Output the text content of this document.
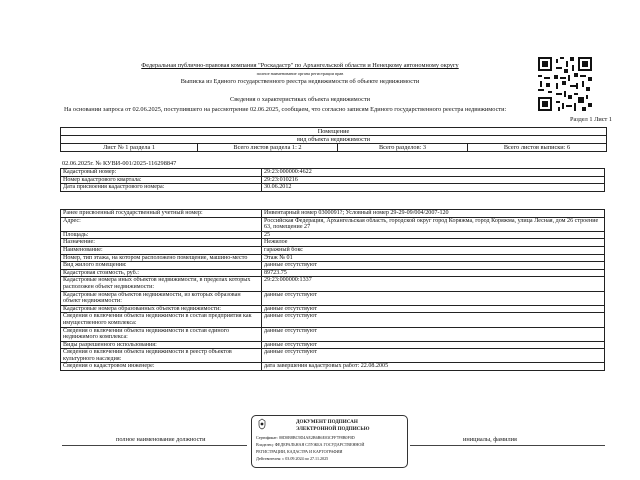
Федеральная публично-правовая компания "Роскадастр" по Архангельской области и Ненецкому автономному округу
полное наименование органа регистрации прав
Выписка из Единого государственного реестра недвижимости об объекте недвижимости
Сведения о характеристиках объекта недвижимости
На основании запроса от 02.06.2025, поступившего на рассмотрение 02.06.2025, сообщаем, что согласно записям Единого государственного реестра недвижимости:
Раздел 1 Лист 1
Помещение
вид объекта недвижимости
Лист № 1 раздела 1	Всего листов раздела 1: 2	Всего разделов: 3	Всего листов выписки: 6
02.06.2025г. № КУВИ-001/2025-116298847
Кадастровый номер:	29:23:000000:4622
Номер кадастрового квартала:	29:23:010216
Дата присвоения кадастрового номера:	30.06.2012
Ранее присвоенный государственный учетный номер:	Инвентарный номер 0300091?; Условный номер 29-29-09/004/2007-120
Адрес:	Российская Федерация, Архангельская область, городской округ город Коряжма, город Коряжма, улица Лесная, дом 26 строение 63, помещение 27
Площадь:	25
Назначение:	Нежилое
Наименование:	гаражный бокс
Номер, тип этажа, на котором расположено помещение, машино-место	Этаж № 01
Вид жилого помещения:	данные отсутствуют
Кадастровая стоимость, руб.:	89723.75
Кадастровые номера иных объектов недвижимости, в пределах которых расположен объект недвижимости:	29:23:000000:1337
Кадастровые номера объектов недвижимости, из которых образован объект недвижимости:	данные отсутствуют
Кадастровые номера образованных объектов недвижимости:	данные отсутствуют
Сведения о включении объекта недвижимости в состав предприятия как имущественного комплекса:	данные отсутствуют
Сведения о включении объекта недвижимости в состав единого недвижимого комплекса:	данные отсутствуют
Виды разрешенного использования:	данные отсутствуют
Сведения о включении объекта недвижимости в реестр объектов культурного наследия:	данные отсутствуют
Сведения о кадастровом инженере:	дата завершения кадастровых работ: 22.08.2005
полное наименование должности	инициалы, фамилия
ДОКУМЕНТ ПОДПИСАН
ЭЛЕКТРОННОЙ ПОДПИСЬЮ
Сертификат: 00D0B8BC9D4AE2B6B6E03CFF7F8B0F0D
Владелец: ФЕДЕРАЛЬНАЯ СЛУЖБА ГОСУДАРСТВЕННОЙ
РЕГИСТРАЦИИ, КАДАСТРА И КАРТОГРАФИИ
Действителен: с 03.09.2024 по 27.11.2025
